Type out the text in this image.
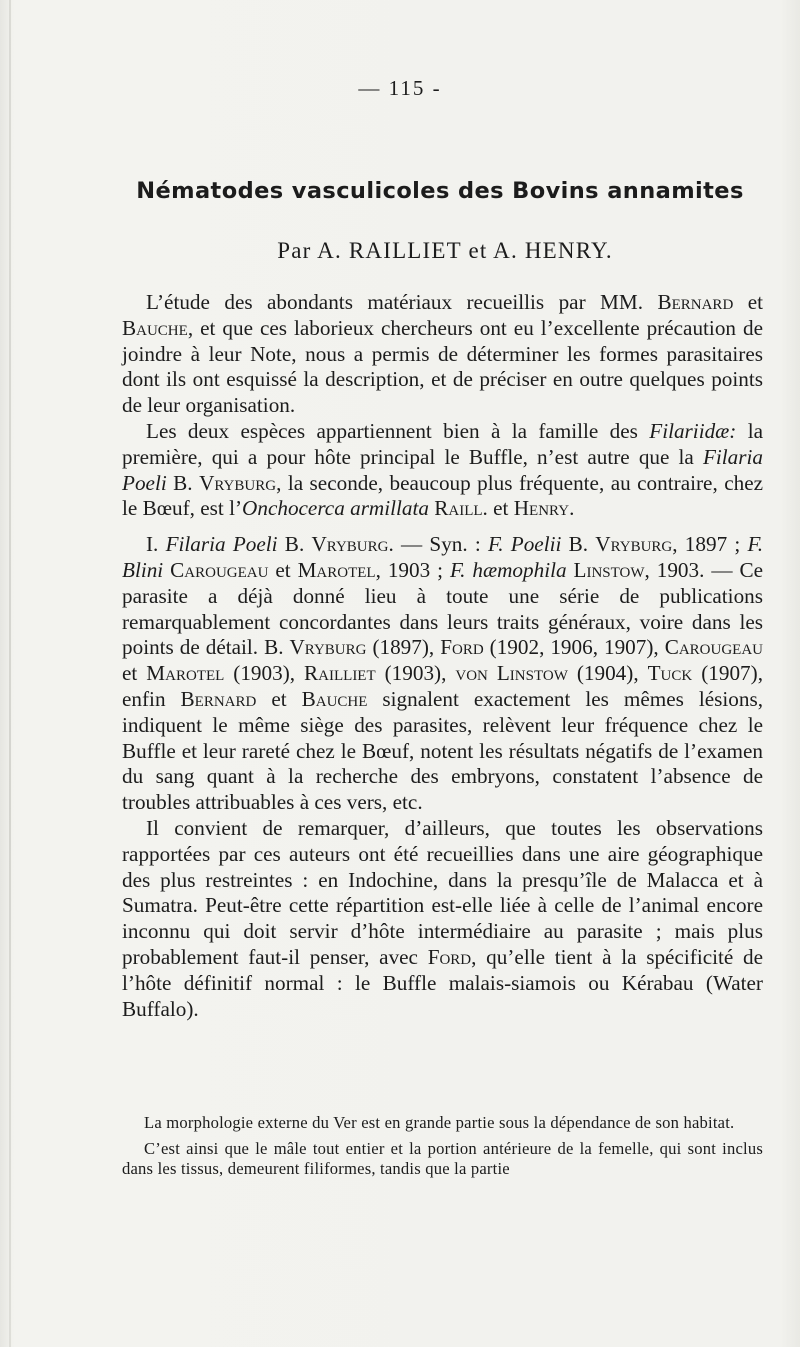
— 115 -
Nématodes vasculicoles des Bovins annamites
Par A. RAILLIET et A. HENRY.

L’étude des abondants matériaux recueillis par MM. Bernard et Bauche, et que ces laborieux chercheurs ont eu l’excellente précaution de joindre à leur Note, nous a permis de déterminer les formes parasitaires dont ils ont esquissé la description, et de préciser en outre quelques points de leur organisation.

Les deux espèces appartiennent bien à la famille des Filariidæ: la première, qui a pour hôte principal le Buffle, n’est autre que la Filaria Poeli B. Vryburg, la seconde, beaucoup plus fréquente, au contraire, chez le Bœuf, est l’Onchocerca armillata Raill. et Henry.

I. Filaria Poeli B. Vryburg. — Syn. : F. Poelii B. Vryburg, 1897 ; F. Blini Carougeau et Marotel, 1903 ; F. hæmophila Linstow, 1903. — Ce parasite a déjà donné lieu à toute une série de publications remarquablement concordantes dans leurs traits généraux, voire dans les points de détail. B. Vryburg (1897), Ford (1902, 1906, 1907), Carougeau et Marotel (1903), Railliet (1903), von Linstow (1904), Tuck (1907), enfin Bernard et Bauche signalent exactement les mêmes lésions, indiquent le même siège des parasites, relèvent leur fréquence chez le Buffle et leur rareté chez le Bœuf, notent les résultats négatifs de l’examen du sang quant à la recherche des embryons, constatent l’absence de troubles attribuables à ces vers, etc.

Il convient de remarquer, d’ailleurs, que toutes les observations rapportées par ces auteurs ont été recueillies dans une aire géographique des plus restreintes : en Indochine, dans la presqu’île de Malacca et à Sumatra. Peut-être cette répartition est-elle liée à celle de l’animal encore inconnu qui doit servir d’hôte intermédiaire au parasite ; mais plus probablement faut-il penser, avec Ford, qu’elle tient à la spécificité de l’hôte définitif normal : le Buffle malais-siamois ou Kérabau (Water Buffalo).

La morphologie externe du Ver est en grande partie sous la dépendance de son habitat.

C’est ainsi que le mâle tout entier et la portion antérieure de la femelle, qui sont inclus dans les tissus, demeurent filiformes, tandis que la partie
